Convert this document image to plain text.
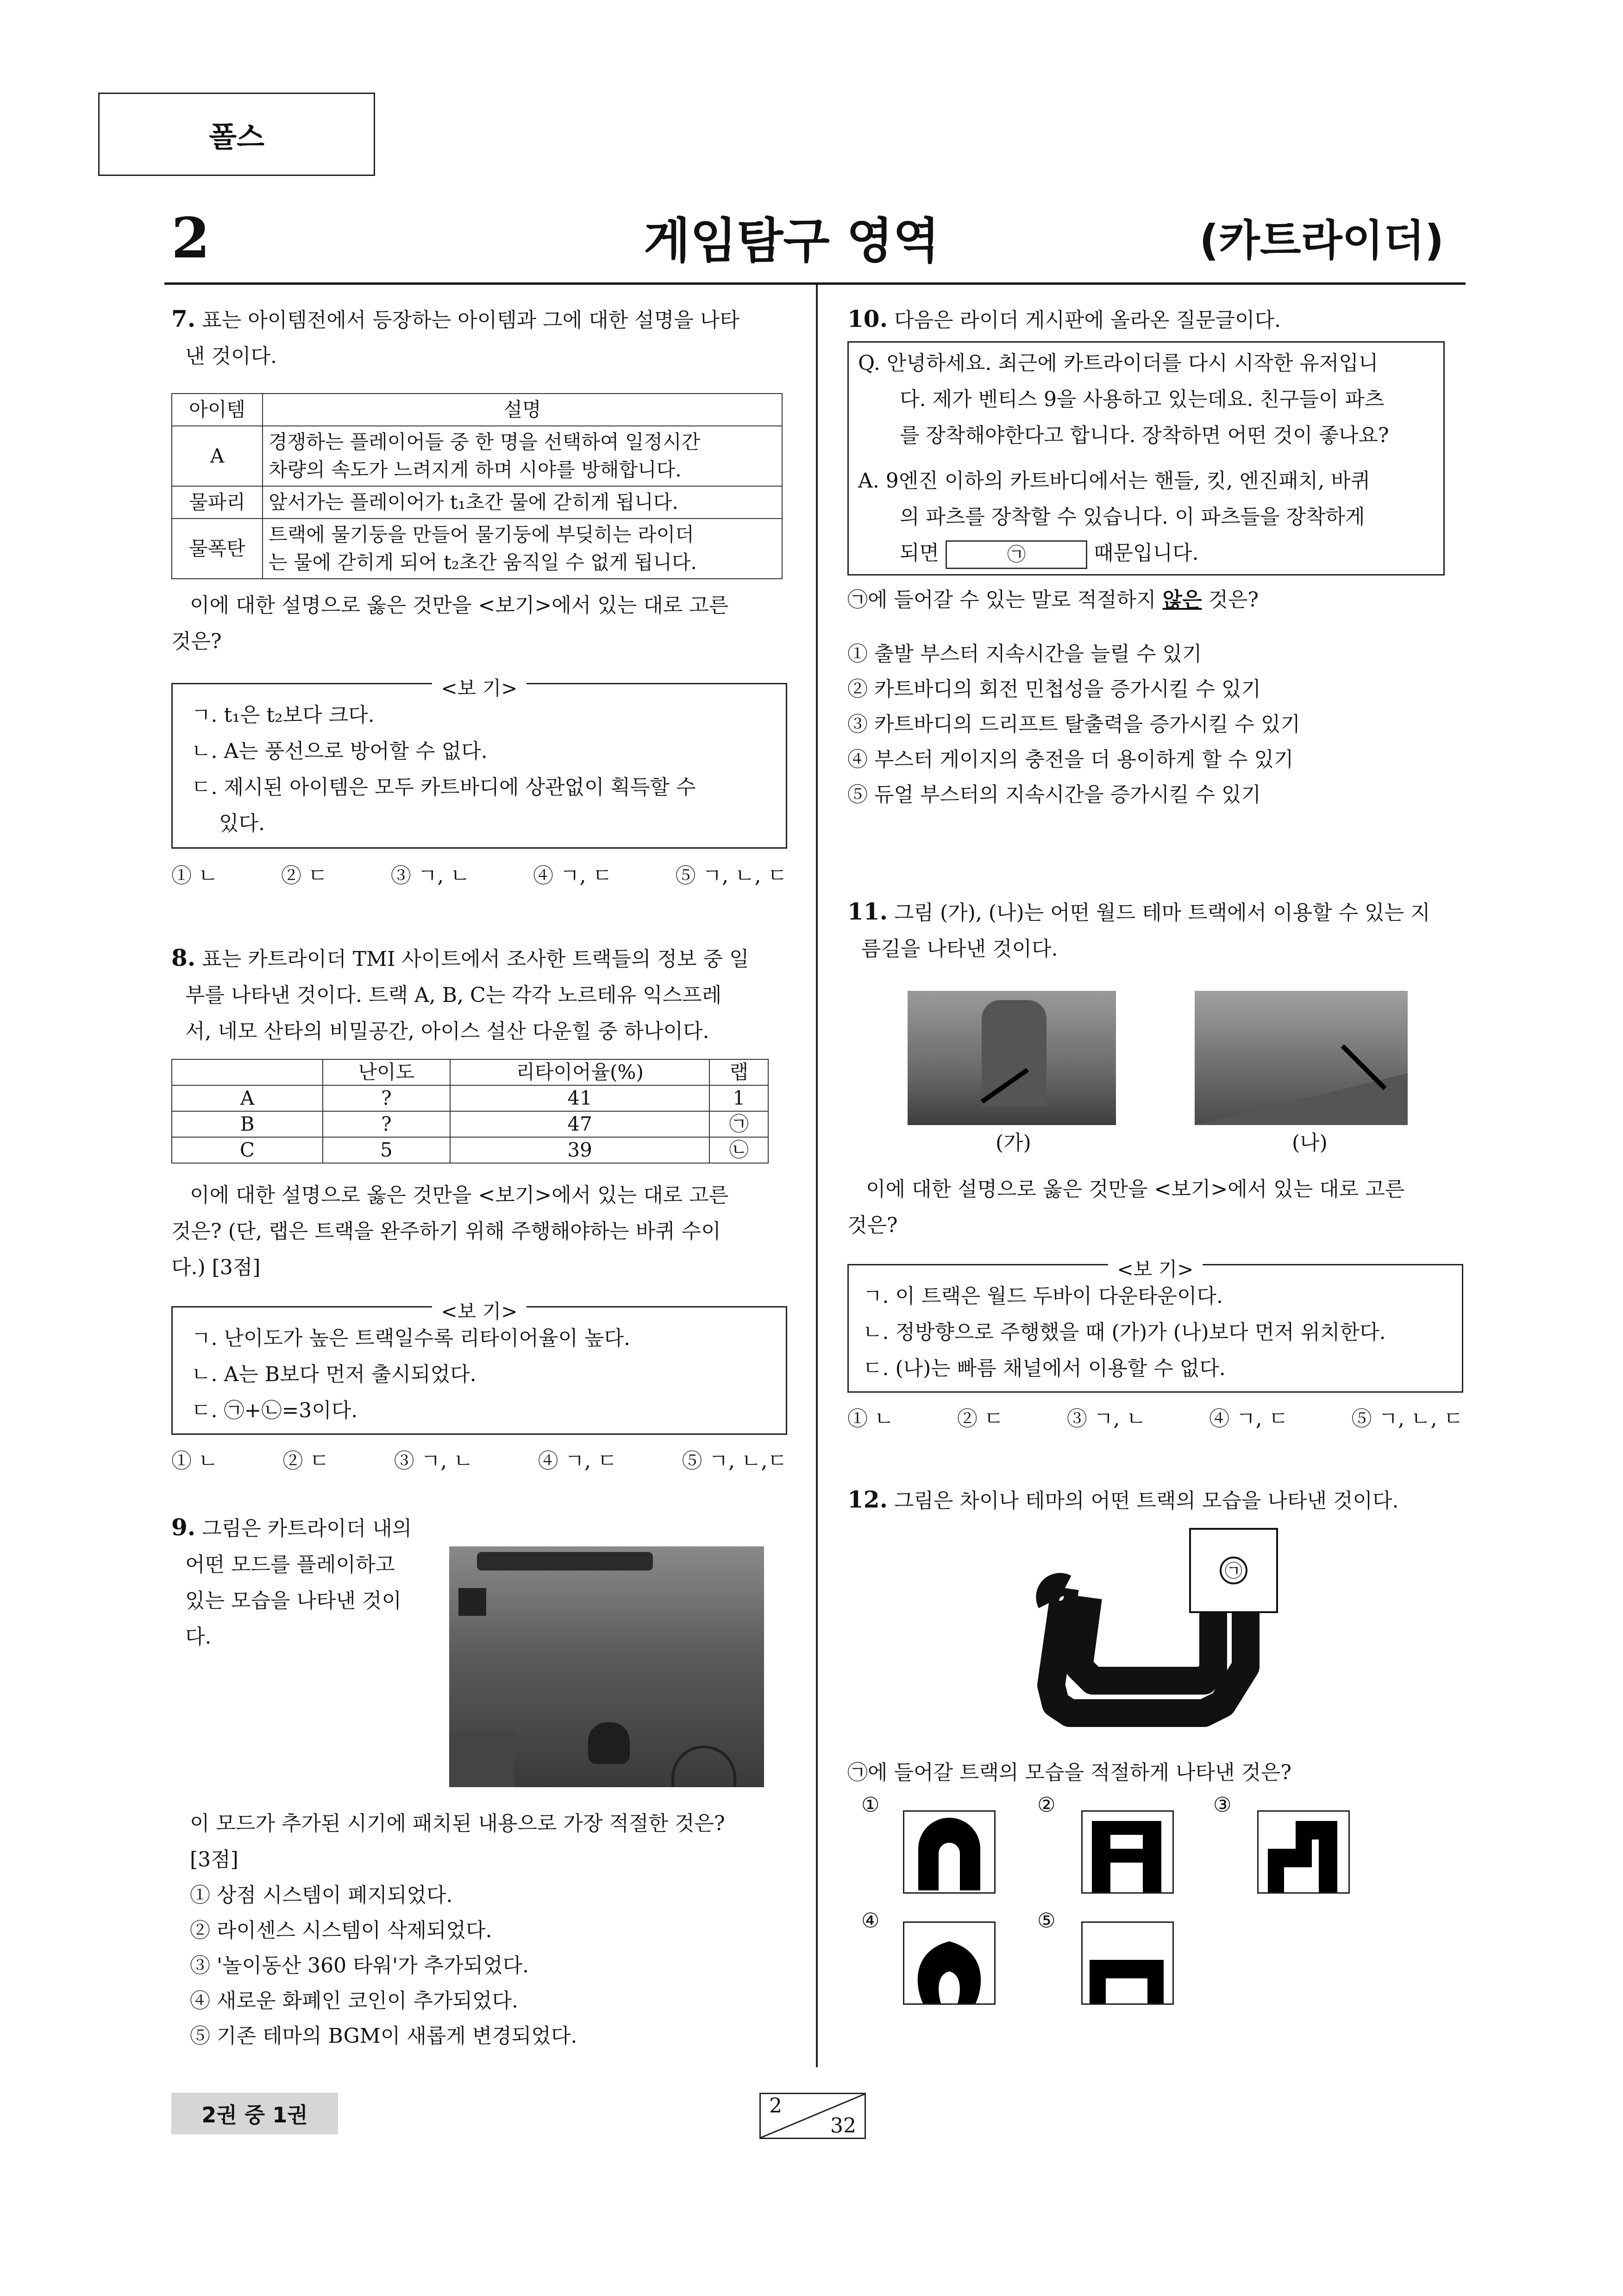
폴스
2	게임탐구 영역	(카트라이더)
7. 표는 아이템전에서 등장하는 아이템과 그에 대한 설명을 나타
낸 것이다.
아이템	설명
A	경쟁하는 플레이어들 중 한 명을 선택하여 일정시간
차량의 속도가 느려지게 하며 시야를 방해합니다.

물파리	앞서가는 플레이어가 t₁초간 물에 갇히게 됩니다.
물폭탄	트랙에 물기둥을 만들어 물기둥에 부딪히는 라이더
는 물에 갇히게 되어 t₂초간 움직일 수 없게 됩니다.
이에 대한 설명으로 옳은 것만을 <보기>에서 있는 대로 고른
것은?
<보 기>
ㄱ. t₁은 t₂보다 크다.
ㄴ. A는 풍선으로 방어할 수 없다.
ㄷ. 제시된 아이템은 모두 카트바디에 상관없이 획득할 수
있다.
① ㄴ	② ㄷ	③ ㄱ, ㄴ	④ ㄱ, ㄷ	⑤ ㄱ, ㄴ, ㄷ
8. 표는 카트라이더 TMI 사이트에서 조사한 트랙들의 정보 중 일
부를 나타낸 것이다. 트랙 A, B, C는 각각 노르테유 익스프레
서, 네모 산타의 비밀공간, 아이스 설산 다운힐 중 하나이다.
	난이도	리타이어율(%)	랩
A	?	41	1
B	?	47	㉠
C	5	39	㉡
이에 대한 설명으로 옳은 것만을 <보기>에서 있는 대로 고른
것은? (단, 랩은 트랙을 완주하기 위해 주행해야하는 바퀴 수이
다.) [3점]
<보 기>
ㄱ. 난이도가 높은 트랙일수록 리타이어율이 높다.
ㄴ. A는 B보다 먼저 출시되었다.
ㄷ. ㉠+㉡=3이다.
① ㄴ	② ㄷ	③ ㄱ, ㄴ	④ ㄱ, ㄷ	⑤ ㄱ, ㄴ,ㄷ
9. 그림은 카트라이더 내의
어떤 모드를 플레이하고
있는 모습을 나타낸 것이
다.
이 모드가 추가된 시기에 패치된 내용으로 가장 적절한 것은?
[3점]
① 상점 시스템이 폐지되었다.
② 라이센스 시스템이 삭제되었다.
③ '놀이동산 360 타워'가 추가되었다.
④ 새로운 화폐인 코인이 추가되었다.
⑤ 기존 테마의 BGM이 새롭게 변경되었다.
10. 다음은 라이더 게시판에 올라온 질문글이다.
Q. 안녕하세요. 최근에 카트라이더를 다시 시작한 유저입니
다. 제가 벤티스 9을 사용하고 있는데요. 친구들이 파츠
를 장착해야한다고 합니다. 장착하면 어떤 것이 좋나요?
A. 9엔진 이하의 카트바디에서는 핸들, 킷, 엔진패치, 바퀴
의 파츠를 장착할 수 있습니다. 이 파츠들을 장착하게
되면	㉠	때문입니다.
㉠에 들어갈 수 있는 말로 적절하지 않은 것은?
① 출발 부스터 지속시간을 늘릴 수 있기
② 카트바디의 회전 민첩성을 증가시킬 수 있기
③ 카트바디의 드리프트 탈출력을 증가시킬 수 있기
④ 부스터 게이지의 충전을 더 용이하게 할 수 있기
⑤ 듀얼 부스터의 지속시간을 증가시킬 수 있기
11. 그림 (가), (나)는 어떤 월드 테마 트랙에서 이용할 수 있는 지
름길을 나타낸 것이다.
(가)	(나)
이에 대한 설명으로 옳은 것만을 <보기>에서 있는 대로 고른
것은?
<보 기>
ㄱ. 이 트랙은 월드 두바이 다운타운이다.
ㄴ. 정방향으로 주행했을 때 (가)가 (나)보다 먼저 위치한다.
ㄷ. (나)는 빠름 채널에서 이용할 수 없다.
① ㄴ	② ㄷ	③ ㄱ, ㄴ	④ ㄱ, ㄷ	⑤ ㄱ, ㄴ, ㄷ
12. 그림은 차이나 테마의 어떤 트랙의 모습을 나타낸 것이다.
㉠
㉠에 들어갈 트랙의 모습을 적절하게 나타낸 것은?
①	②	③
④	⑤
2권 중 1권	2
32
